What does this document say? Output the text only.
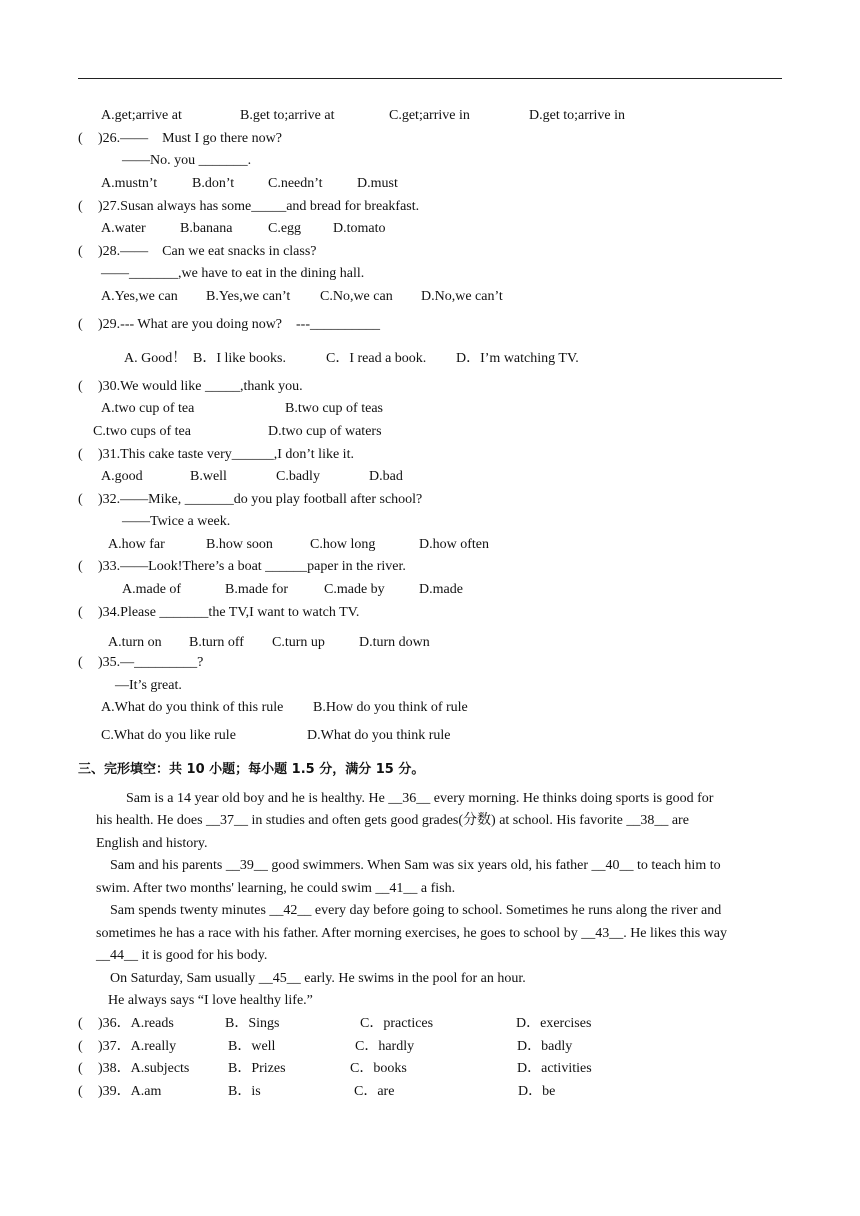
A.get;arrive at	B.get to;arrive at	C.get;arrive in	D.get to;arrive in
( )26.——　Must I go there now?
——No. you _______.
A.mustn’t B.don’t C.needn’t D.must
( )27.Susan always has some_____and bread for breakfast.
A.water B.banana	C.egg D.tomato
( )28.——　Can we eat snacks in class?
——_______,we have to eat in the dining hall.
A.Yes,we can B.Yes,we can’t C.No,we can D.No,we can’t
( )29.--- What are you doing now?　---__________
A. Good！ B．I like books.	C．I read a book. D．I’m watching TV.
( )30.We would like _____,thank you.
A.two cup of tea	B.two cup of teas
C.two cups of tea	D.two cup of waters
( )31.This cake taste very______,I don’t like it.
A.good	B.well	C.badly	D.bad
( )32.——Mike, _______do you play football after school?
——Twice a week.
A.how far	B.how soon	C.how long	D.how often
( )33.——Look!There’s a boat ______paper in the river.
A.made of	B.made for	C.made by D.made
( )34.Please _______the TV,I want to watch TV.
A.turn on B.turn off C.turn up D.turn down
( )35.—_________?
—It’s great.
A.What do you think of this rule B.How do you think of rule
C.What do you like rule	D.What do you think rule
三、完形填空：共 10 小题；每小题 1.5 分，满分 15 分。
Sam is a 14 year old boy and he is healthy. He __36__ every morning. He thinks doing sports is good for
his health. He does __37__ in studies and often gets good grades(分数) at school. His favorite __38__ are
English and history.
Sam and his parents __39__ good swimmers. When Sam was six years old, his father __40__ to teach him to
swim. After two months' learning, he could swim __41__ a fish.
Sam spends twenty minutes __42__ every day before going to school. Sometimes he runs along the river and
sometimes he has a race with his father. After morning exercises, he goes to school by __43__. He likes this way
__44__ it is good for his body.
On Saturday, Sam usually __45__ early. He swims in the pool for an hour.
He always says “I love healthy life.”
( )36．A.reads	B．Sings	C．practices	D．exercises
( )37．A.really	B．well	C．hardly	D．badly
( )38．A.subjects	B．Prizes	C．books	D．activities
( )39．A.am	B．is	C．are	D．be
